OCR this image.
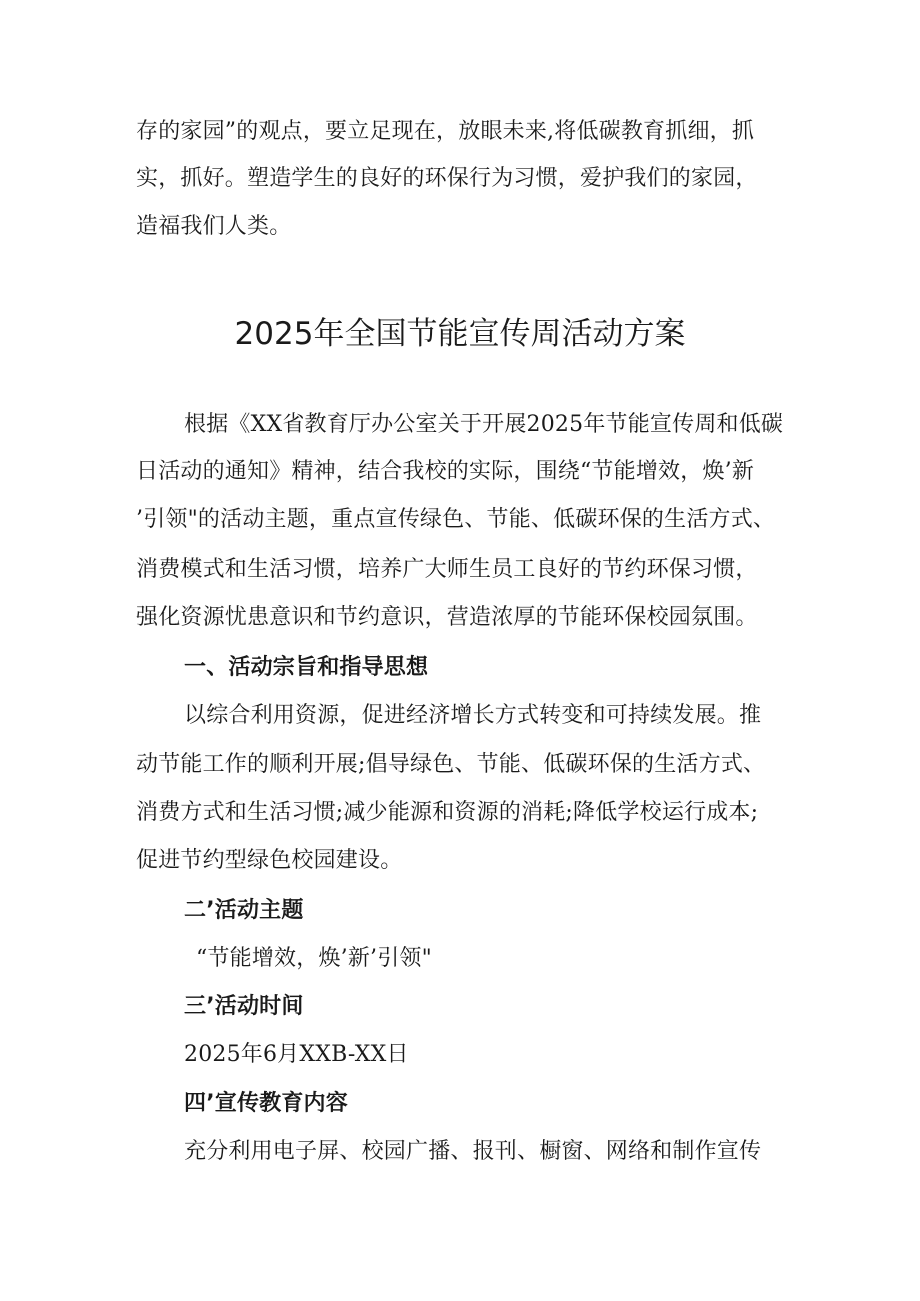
存的家园”的观点，要立足现在，放眼未来,将低碳教育抓细，抓
实，抓好。塑造学生的良好的环保行为习惯，爱护我们的家园，
造福我们人类。
2025年全国节能宣传周活动方案
根据《XX省教育厅办公室关于开展2025年节能宣传周和低碳
日活动的通知》精神，结合我校的实际，围绕“节能增效，焕’新
’引领"的活动主题，重点宣传绿色、节能、低碳环保的生活方式、
消费模式和生活习惯，培养广大师生员工良好的节约环保习惯，
强化资源忧患意识和节约意识，营造浓厚的节能环保校园氛围。
一、活动宗旨和指导思想
以综合利用资源，促进经济增长方式转变和可持续发展。推
动节能工作的顺利开展;倡导绿色、节能、低碳环保的生活方式、
消费方式和生活习惯;减少能源和资源的消耗;降低学校运行成本;
促进节约型绿色校园建设。
二’活动主题
“节能增效，焕’新’引领"
三’活动时间
2025年6月XXB-XX日
四’宣传教育内容
充分利用电子屏、校园广播、报刊、橱窗、网络和制作宣传
